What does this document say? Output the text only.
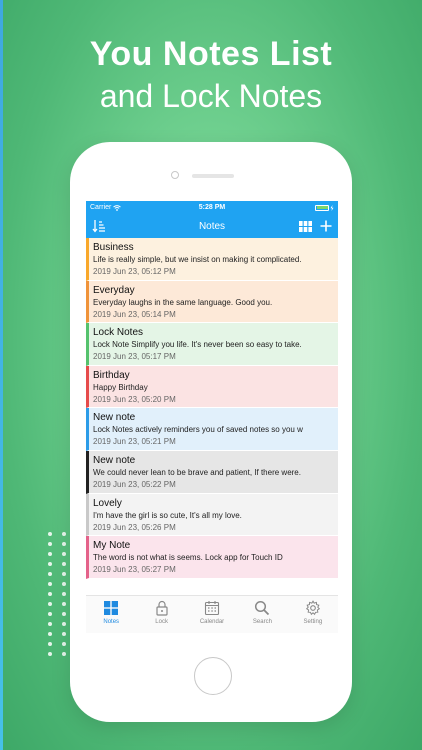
You Notes List
and Lock Notes
Carrier	5:28 PM
Notes
Business
Life is really simple, but we insist on making it complicated.
2019 Jun 23, 05:12 PM
Everyday
Everyday laughs in the same language. Good you.
2019 Jun 23, 05:14 PM
Lock Notes
Lock Note Simplify you life. It's never been so easy to take.
2019 Jun 23, 05:17 PM
Birthday
Happy Birthday
2019 Jun 23, 05:20 PM
New note
Lock Notes actively reminders you of saved notes so you w
2019 Jun 23, 05:21 PM
New note
We could never lean to be brave and patient, If there were.
2019 Jun 23, 05:22 PM
Lovely
I'm have the girl is so cute, It's all my love.
2019 Jun 23, 05:26 PM
My Note
The word is not what is seems. Lock app for Touch ID
2019 Jun 23, 05:27 PM
Notes	Lock	Calendar	Search	Setting
